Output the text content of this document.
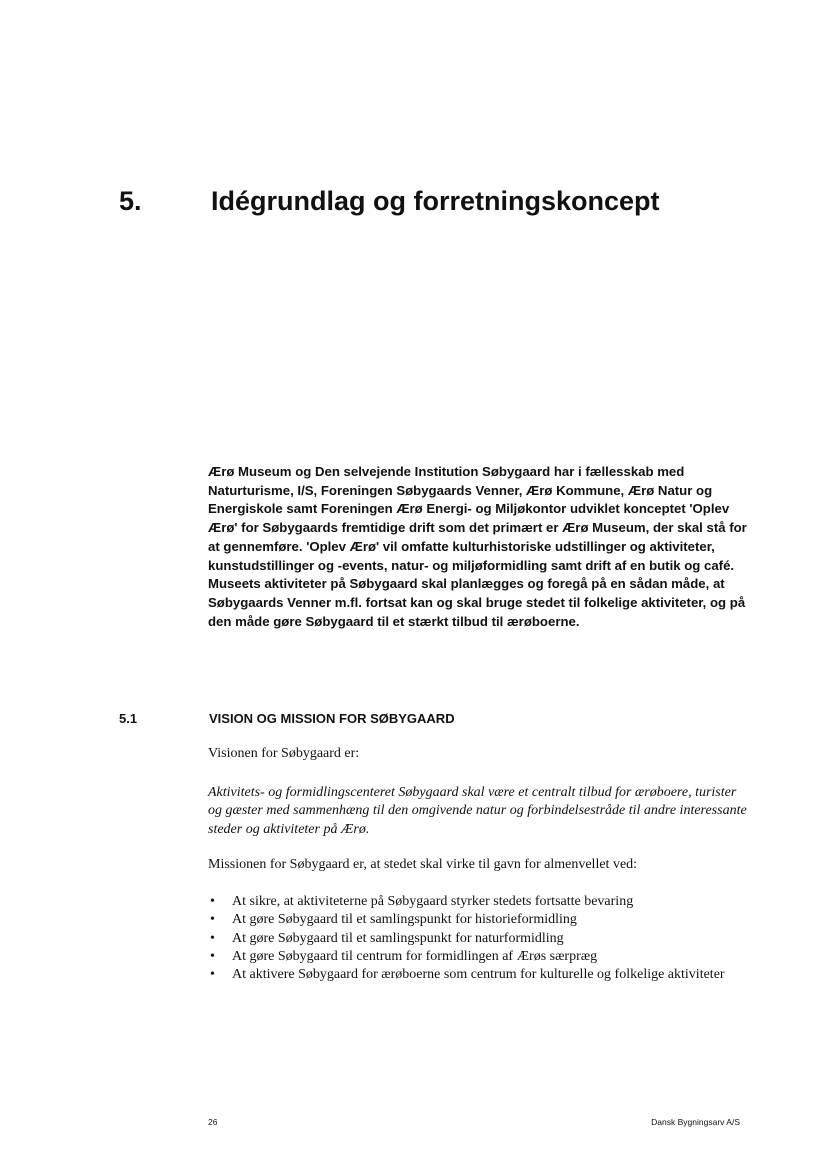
5.	Idégrundlag og forretningskoncept

Ærø Museum og Den selvejende Institution Søbygaard har i fællesskab med Naturturisme, I/S, Foreningen Søbygaards Venner, Ærø Kommune, Ærø Natur og Energiskole samt Foreningen Ærø Energi- og Miljøkontor udviklet konceptet 'Oplev Ærø' for Søbygaards fremtidige drift som det primært er Ærø Museum, der skal stå for at gennemføre. 'Oplev Ærø' vil omfatte kulturhistoriske udstillinger og aktiviteter, kunstudstillinger og -events, natur- og miljøformidling samt drift af en butik og café. Museets aktiviteter på Søbygaard skal planlægges og foregå på en sådan måde, at Søbygaards Venner m.fl. fortsat kan og skal bruge stedet til folkelige aktiviteter, og på den måde gøre Søbygaard til et stærkt tilbud til ærøboerne.

5.1	VISION OG MISSION FOR SØBYGAARD

Visionen for Søbygaard er:

Aktivitets- og formidlingscenteret Søbygaard skal være et centralt tilbud for ærøboere, turister og gæster med sammenhæng til den omgivende natur og forbindelsestråde til andre interessante steder og aktiviteter på Ærø.

Missionen for Søbygaard er, at stedet skal virke til gavn for almenvellet ved:

• At sikre, at aktiviteterne på Søbygaard styrker stedets fortsatte bevaring
• At gøre Søbygaard til et samlingspunkt for historieformidling
• At gøre Søbygaard til et samlingspunkt for naturformidling
• At gøre Søbygaard til centrum for formidlingen af Ærøs særpræg
• At aktivere Søbygaard for ærøboerne som centrum for kulturelle og folkelige aktiviteter

26	Dansk Bygningsarv A/S
